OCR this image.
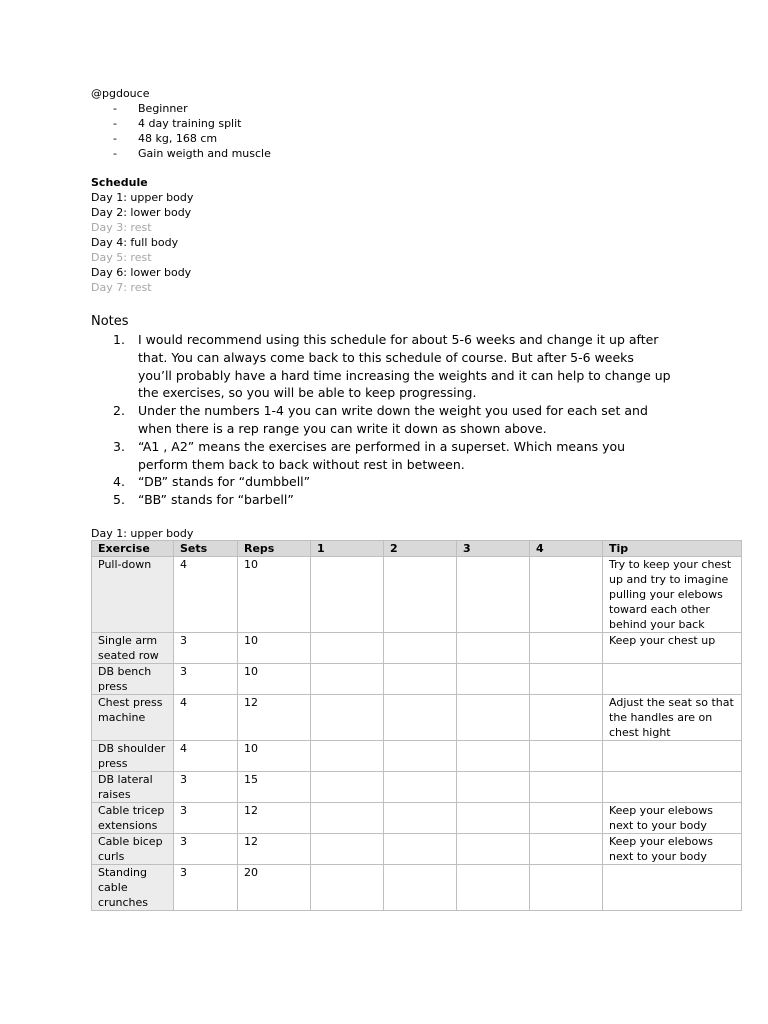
@pgdouce
- Beginner
- 4 day training split
- 48 kg, 168 cm
- Gain weigth and muscle
Schedule
Day 1: upper body
Day 2: lower body
Day 3: rest
Day 4: full body
Day 5: rest
Day 6: lower body
Day 7: rest
Notes
1. I would recommend using this schedule for about 5-6 weeks and change it up after that. You can always come back to this schedule of course. But after 5-6 weeks you’ll probably have a hard time increasing the weights and it can help to change up the exercises, so you will be able to keep progressing.
2. Under the numbers 1-4 you can write down the weight you used for each set and when there is a rep range you can write it down as shown above.
3. “A1 , A2” means the exercises are performed in a superset. Which means you perform them back to back without rest in between.
4. “DB” stands for “dumbbell”
5. “BB” stands for “barbell”
Day 1: upper body
Exercise	Sets	Reps	1	2	3	4	Tip
Pull-down	4	10					Try to keep your chest up and try to imagine pulling your elebows toward each other behind your back
Single arm seated row	3	10					Keep your chest up
DB bench press	3	10					
Chest press machine	4	12					Adjust the seat so that the handles are on chest hight
DB shoulder press	4	10					
DB lateral raises	3	15					
Cable tricep extensions	3	12					Keep your elebows next to your body
Cable bicep curls	3	12					Keep your elebows next to your body
Standing cable crunches	3	20					
